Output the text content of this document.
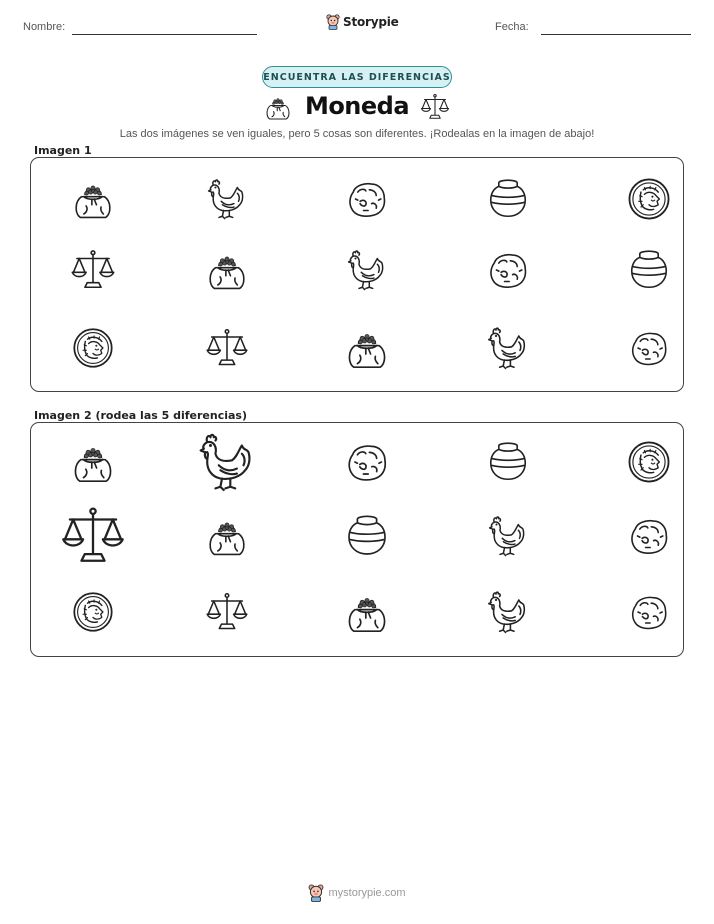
Nombre:	Storypie	Fecha:
ENCUENTRA LAS DIFERENCIAS
Moneda
Las dos imágenes se ven iguales, pero 5 cosas son diferentes. ¡Rodealas en la imagen de abajo!
Imagen 1
Imagen 2 (rodea las 5 diferencias)
mystorypie.com
